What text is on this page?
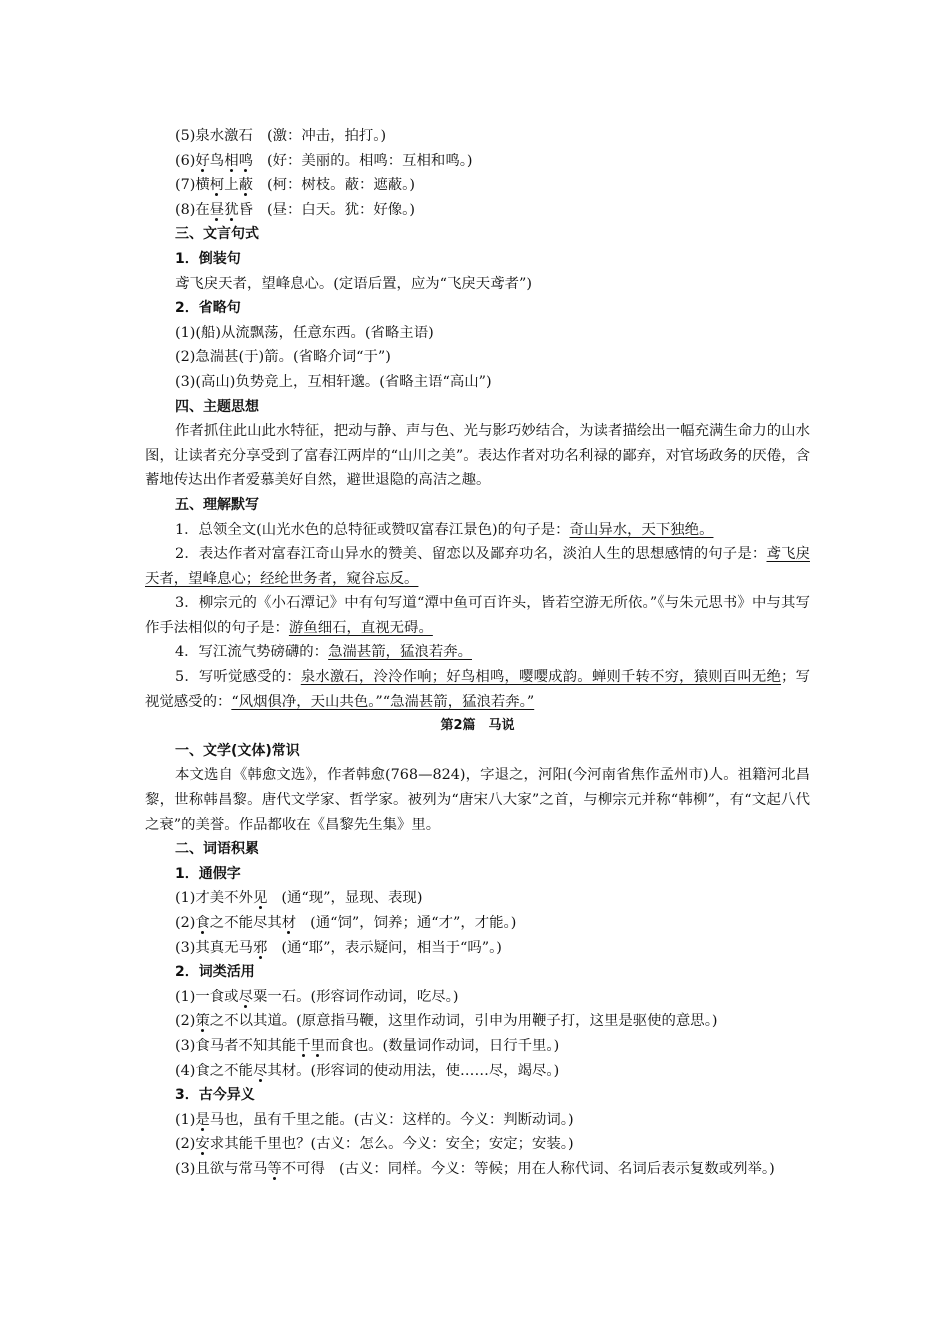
(5)泉水激石 (激：冲击，拍打。)
(6)好鸟相鸣 (好：美丽的。相鸣：互相和鸣。)
(7)横柯上蔽 (柯：树枝。蔽：遮蔽。)
(8)在昼犹昏 (昼：白天。犹：好像。)
三、文言句式
1．倒装句
鸢飞戾天者，望峰息心。(定语后置，应为“飞戾天鸢者”)
2．省略句
(1)(船)从流飘荡，任意东西。(省略主语)
(2)急湍甚(于)箭。(省略介词“于”)
(3)(高山)负势竞上，互相轩邈。(省略主语“高山”)
四、主题思想
作者抓住此山此水特征，把动与静、声与色、光与影巧妙结合，为读者描绘出一幅充满生命力的山水图，让读者充分享受到了富春江两岸的“山川之美”。表达作者对功名利禄的鄙弃，对官场政务的厌倦，含蓄地传达出作者爱慕美好自然，避世退隐的高洁之趣。
五、理解默写
1．总领全文(山光水色的总特征或赞叹富春江景色)的句子是：奇山异水，天下独绝。
2．表达作者对富春江奇山异水的赞美、留恋以及鄙弃功名，淡泊人生的思想感情的句子是：鸢飞戾天者，望峰息心；经纶世务者，窥谷忘反。
3．柳宗元的《小石潭记》中有句写道“潭中鱼可百许头，皆若空游无所依。”《与朱元思书》中与其写作手法相似的句子是：游鱼细石，直视无碍。
4．写江流气势磅礴的：急湍甚箭，猛浪若奔。
5．写听觉感受的：泉水激石，泠泠作响；好鸟相鸣，嘤嘤成韵。蝉则千转不穷，猿则百叫无绝；写视觉感受的：“风烟俱净，天山共色。”“急湍甚箭，猛浪若奔。”
第2篇　马说
一、文学(文体)常识
本文选自《韩愈文选》，作者韩愈(768—824)，字退之，河阳(今河南省焦作孟州市)人。祖籍河北昌黎，世称韩昌黎。唐代文学家、哲学家。被列为“唐宋八大家”之首，与柳宗元并称“韩柳”，有“文起八代之衰”的美誉。作品都收在《昌黎先生集》里。
二、词语积累
1．通假字
(1)才美不外见 (通“现”，显现、表现)
(2)食之不能尽其材 (通“饲”，饲养；通“才”，才能。)
(3)其真无马邪 (通“耶”，表示疑问，相当于“吗”。)
2．词类活用
(1)一食或尽粟一石。(形容词作动词，吃尽。)
(2)策之不以其道。(原意指马鞭，这里作动词，引申为用鞭子打，这里是驱使的意思。)
(3)食马者不知其能千里而食也。(数量词作动词，日行千里。)
(4)食之不能尽其材。(形容词的使动用法，使……尽，竭尽。)
3．古今异义
(1)是马也，虽有千里之能。(古义：这样的。今义：判断动词。)
(2)安求其能千里也？(古义：怎么。今义：安全；安定；安装。)
(3)且欲与常马等不可得 (古义：同样。今义：等候；用在人称代词、名词后表示复数或列举。)
